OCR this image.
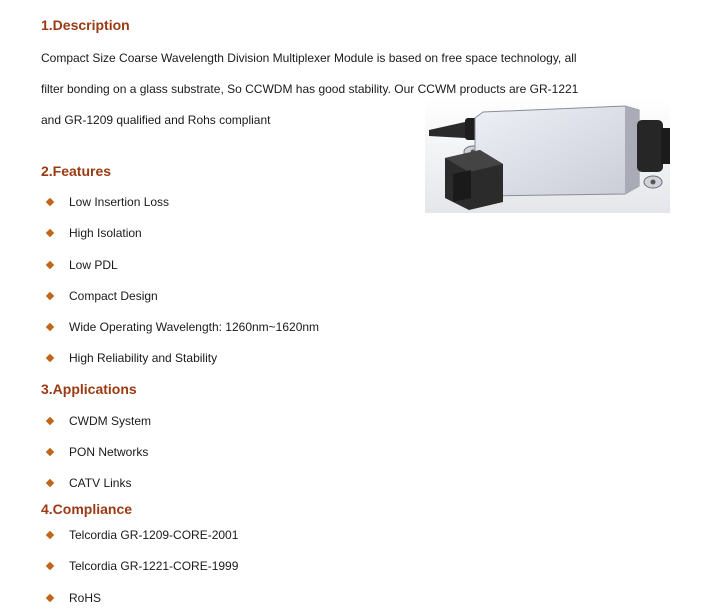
1.Description
Compact Size Coarse Wavelength Division Multiplexer Module is based on free space technology, all
filter bonding on a glass substrate, So CCWDM has good stability. Our CCWM products are GR-1221
and GR-1209 qualified and Rohs compliant
2.Features
Low Insertion Loss
High Isolation
Low PDL
Compact Design
Wide Operating Wavelength: 1260nm~1620nm
High Reliability and Stability
3.Applications
CWDM System
PON Networks
CATV Links
4.Compliance
Telcordia GR-1209-CORE-2001
Telcordia GR-1221-CORE-1999
RoHS
